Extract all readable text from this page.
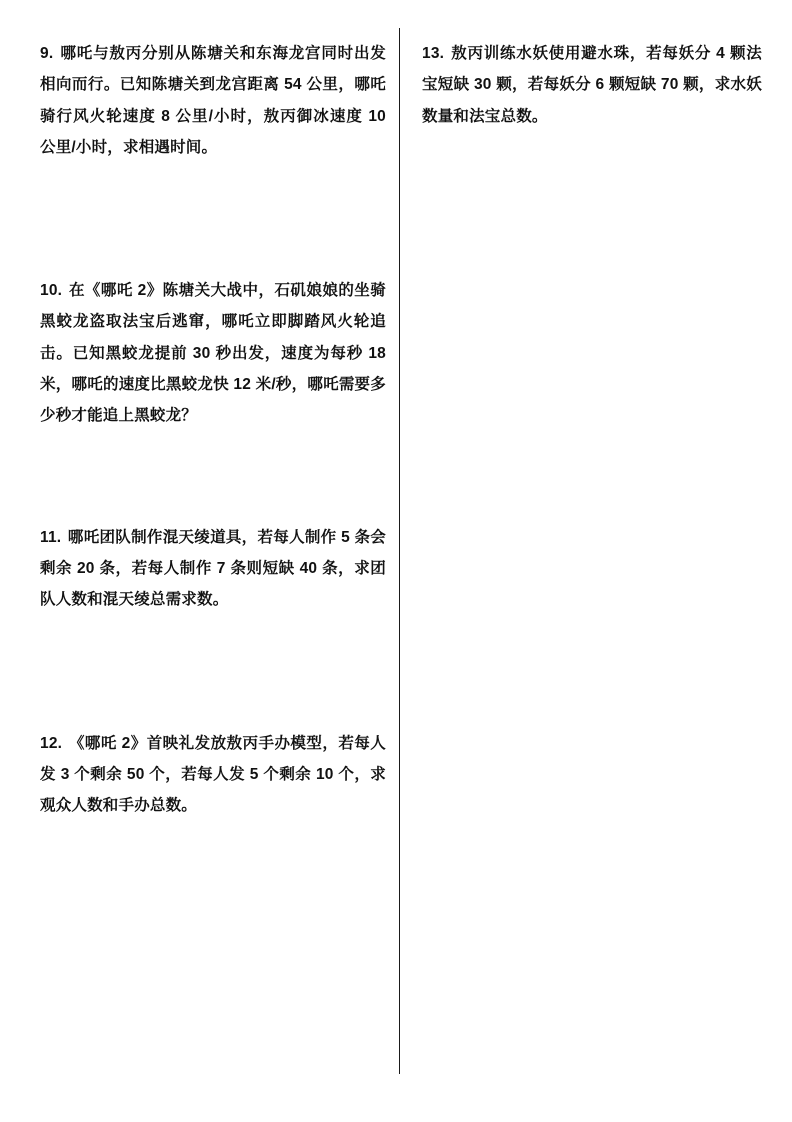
9. 哪吒与敖丙分别从陈塘关和东海龙宫同时出发相向而行。已知陈塘关到龙宫距离 54 公里，哪吒骑行风火轮速度 8 公里/小时，敖丙御冰速度 10 公里/小时，求相遇时间。
10. 在《哪吒 2》陈塘关大战中，石矶娘娘的坐骑黑蛟龙盗取法宝后逃窜，哪吒立即脚踏风火轮追击。已知黑蛟龙提前 30 秒出发，速度为每秒 18 米，哪吒的速度比黑蛟龙快 12 米/秒，哪吒需要多少秒才能追上黑蛟龙？
11. 哪吒团队制作混天绫道具，若每人制作 5 条会剩余 20 条，若每人制作 7 条则短缺 40 条，求团队人数和混天绫总需求数。
12. 《哪吒 2》首映礼发放敖丙手办模型，若每人发 3 个剩余 50 个，若每人发 5 个剩余 10 个，求观众人数和手办总数。
13. 敖丙训练水妖使用避水珠，若每妖分 4 颗法宝短缺 30 颗，若每妖分 6 颗短缺 70 颗，求水妖数量和法宝总数。
